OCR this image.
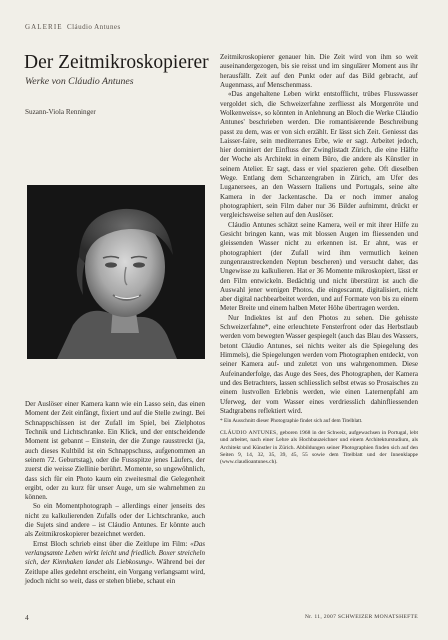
GALERIE Cláudio Antunes
Der Zeitmikroskopierer
Werke von Cláudio Antunes
Suzann-Viola Renninger

Der Auslöser einer Kamera kann wie ein Lasso sein, das einen Moment der Zeit einfängt, fixiert und auf die Stelle zwingt. Bei Schnappschüssen ist der Zufall im Spiel, bei Zielphotos Technik und Lichtschranke. Ein Klick, und der entscheidende Moment ist gebannt – Einstein, der die Zunge rausstreckt (ja, auch dieses Kultbild ist ein Schnappschuss, aufgenommen an seinem 72. Geburtstag), oder die Fussspitze jenes Läufers, der zuerst die weisse Ziellinie berührt. Momente, so ungewöhnlich, dass sich für ein Photo kaum ein zweitesmal die Gelegenheit ergibt, oder zu kurz für unser Auge, um sie wahrnehmen zu können.

So ein Momentphotograph – allerdings einer jenseits des nicht zu kalkulierenden Zufalls oder der Lichtschranke, auch die Sujets sind andere – ist Cláudio Antunes. Er könnte auch als Zeitmikroskopierer bezeichnet werden.

Ernst Bloch schrieb einst über die Zeitlupe im Film: «Das verlangsamte Leben wirkt leicht und friedlich. Boxer streicheln sich, der Kinnhaken landet als Liebkosung». Während bei der Zeitlupe alles gedehnt erscheint, ein Vorgang verlangsamt wird, jedoch nicht so weit, dass er stehen bliebe, schaut ein

Zeitmikroskopierer genauer hin. Die Zeit wird von ihm so weit auseinandergezogen, bis sie reisst und im singulärer Moment aus ihr herausfällt. Zeit auf den Punkt oder auf das Bild gebracht, auf Augenmass, auf Menschenmass.

«Das angehaltene Leben wirkt entstofflicht, trübes Flusswasser vergoldet sich, die Schweizerfahne zerfliesst als Morgenröte und Wolkenweiss», so könnten in Anlehnung an Bloch die Werke Cláudio Antunes' beschrieben werden. Die romantisierende Beschreibung passt zu dem, was er von sich erzählt. Er lässt sich Zeit. Geniesst das Laisser-faire, sein mediterranes Erbe, wie er sagt. Arbeitet jedoch, hier dominiert der Einfluss der Zwinglistadt Zürich, die eine Hälfte der Woche als Architekt in einem Büro, die andere als Künstler in seinem Atelier. Er sagt, dass er viel spazieren gehe. Oft dieselben Wege. Entlang dem Schanzengraben in Zürich, am Ufer des Luganersees, an den Wassern Italiens und Portugals, seine alte Kamera in der Jackentasche. Da er noch immer analog photographiert, sein Film daher nur 36 Bilder aufnimmt, drückt er vergleichsweise selten auf den Auslöser.

Cláudio Antunes schätzt seine Kamera, weil er mit ihrer Hilfe zu Gesicht bringen kann, was mit blossen Augen im fliessenden und gleissenden Wasser nicht zu erkennen ist. Er ahnt, was er photographiert (der Zufall wird ihm vermutlich keinen zungenraustreckenden Neptun bescheren) und versucht daher, das Ungewisse zu kalkulieren. Hat er 36 Momente mikroskopiert, lässt er den Film entwickeln. Bedächtig und nicht überstürzt ist auch die Auswahl jener wenigen Photos, die eingescannt, digitalisiert, nicht aber digital nachbearbeitet werden, und auf Formate von bis zu einem Meter Breite und einem halben Meter Höhe übertragen werden.

Nur Indiektes ist auf den Photos zu sehen. Die gehisste Schweizerfahne*, eine erleuchtete Fensterfront oder das Herbstlaub werden vom bewegten Wasser gespiegelt (auch das Blau des Wassers, betont Cláudio Antunes, sei nichts weiter als die Spiegelung des Himmels), die Spiegelungen werden vom Photographen entdeckt, von seiner Kamera auf- und zuletzt von uns wahrgenommen. Diese Aufeinanderfolge, das Auge des Sees, des Photographen, der Kamera und des Betrachters, lassen schliesslich selbst etwas so Prosaisches zu einem lustvollen Erlebnis werden, wie einen Laternenpfahl am Uferweg, der vom Wasser eines verdriesslich dahinfliessenden Stadtgrabens reflektiert wird.

* Ein Ausschnitt dieser Photographie findet sich auf dem Titelblatt.

CLÁUDIO ANTUNES, geboren 1968 in der Schweiz, aufgewachsen in Portugal, lebt und arbeitet, nach einer Lehre als Hochbauzeichner und einem Architekturstudium, als Architekt und Künstler in Zürich. Abbildungen seiner Photographien finden sich auf den Seiten 9, 14, 32, 35, 39, 45, 55 sowie dem Titelblatt und der Innenklappe (www.claudioantunes.ch).

4	Nr. 11, 2007 SCHWEIZER MONATSHEFTE
